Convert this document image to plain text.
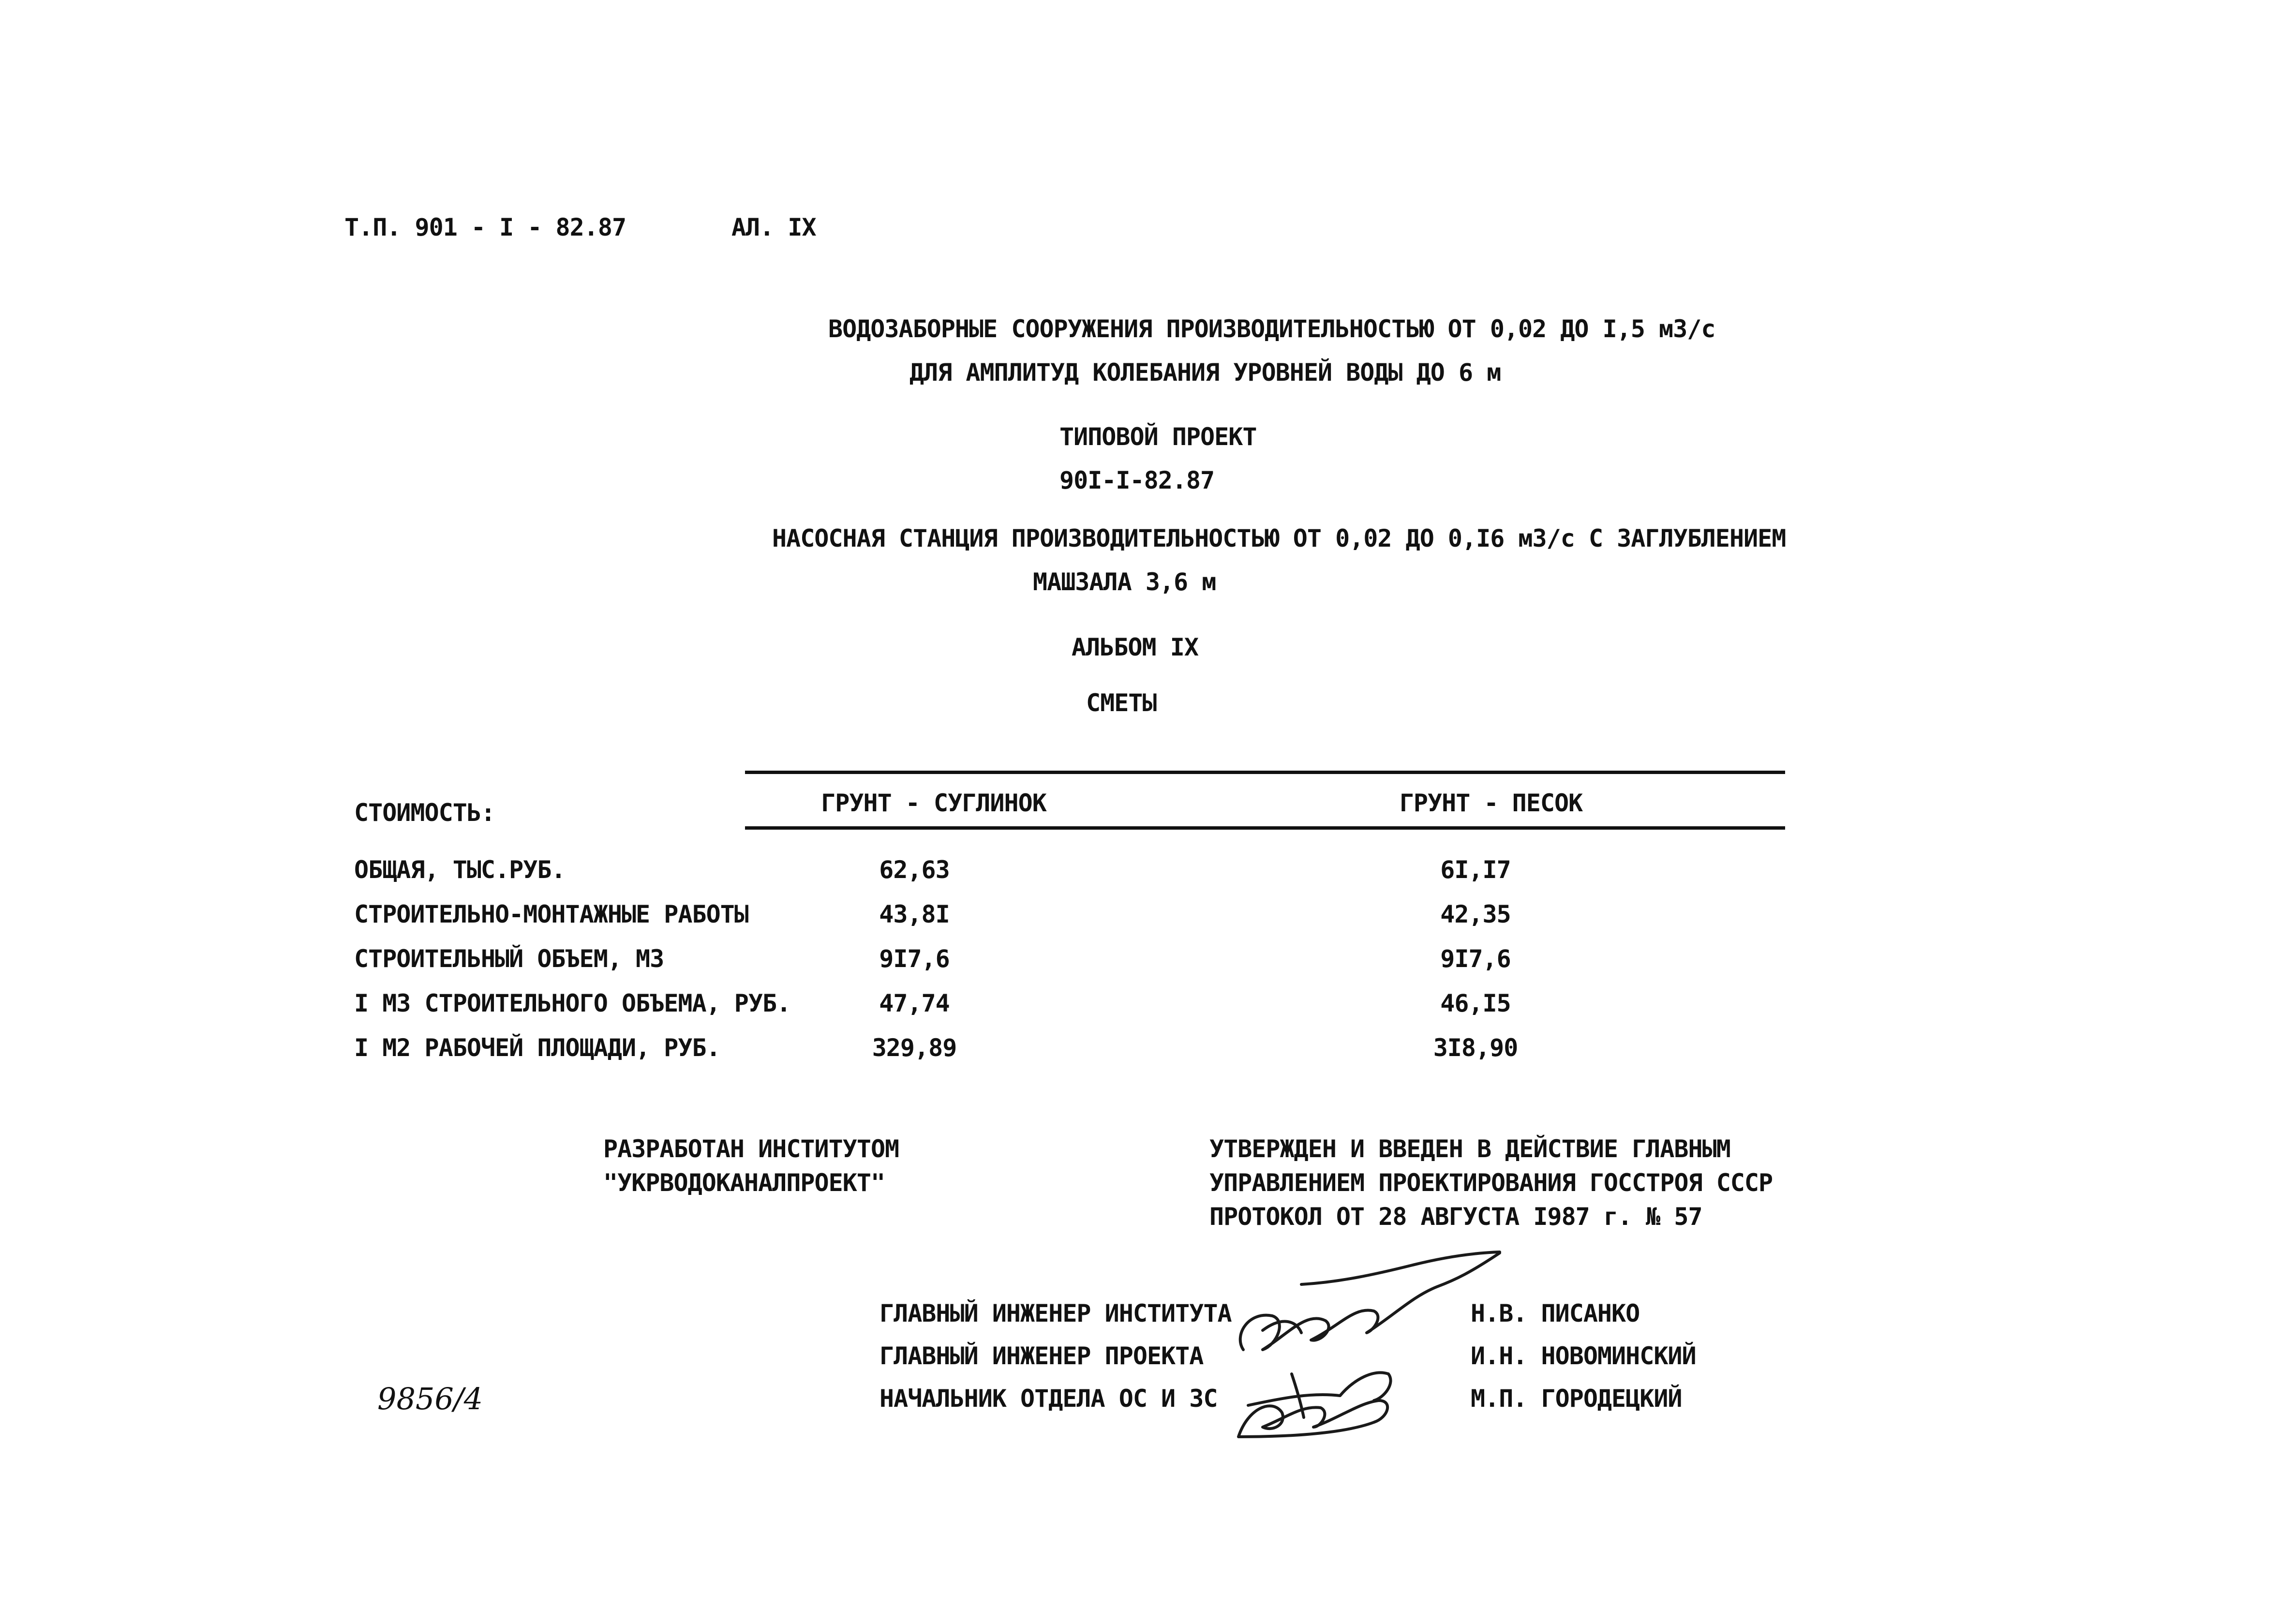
Т.П. 901 - I - 82.87	АЛ. IX
ВОДОЗАБОРНЫЕ СООРУЖЕНИЯ ПРОИЗВОДИТЕЛЬНОСТЬЮ ОТ 0,02 ДО I,5 м3/с
ДЛЯ АМПЛИТУД КОЛЕБАНИЯ УРОВНЕЙ ВОДЫ ДО 6 м
ТИПОВОЙ ПРОЕКТ
90I-I-82.87
НАСОСНАЯ СТАНЦИЯ ПРОИЗВОДИТЕЛЬНОСТЬЮ ОТ 0,02 ДО 0,I6 м3/с С ЗАГЛУБЛЕНИЕМ
МАШЗАЛА 3,6 м
АЛЬБОМ IX
СМЕТЫ
СТОИМОСТЬ:	ГРУНТ - СУГЛИНОК	ГРУНТ - ПЕСОК
ОБЩАЯ, ТЫС.РУБ.	62,63	6I,I7
СТРОИТЕЛЬНО-МОНТАЖНЫЕ РАБОТЫ	43,8I	42,35
СТРОИТЕЛЬНЫЙ ОБЪЕМ, М3	9I7,6	9I7,6
I М3 СТРОИТЕЛЬНОГО ОБЪЕМА, РУБ.	47,74	46,I5
I М2 РАБОЧЕЙ ПЛОЩАДИ, РУБ.	329,89	3I8,90
РАЗРАБОТАН ИНСТИТУТОМ
"УКРВОДОКАНАЛПРОЕКТ"
УТВЕРЖДЕН И ВВЕДЕН В ДЕЙСТВИЕ ГЛАВНЫМ
УПРАВЛЕНИЕМ ПРОЕКТИРОВАНИЯ ГОССТРОЯ СССР
ПРОТОКОЛ ОТ 28 АВГУСТА I987 г. № 57
ГЛАВНЫЙ ИНЖЕНЕР ИНСТИТУТА	Н.В. ПИСАНКО
ГЛАВНЫЙ ИНЖЕНЕР ПРОЕКТА	И.Н. НОВОМИНСКИЙ
НАЧАЛЬНИК ОТДЕЛА ОС И ЗС	М.П. ГОРОДЕЦКИЙ
9856/4
